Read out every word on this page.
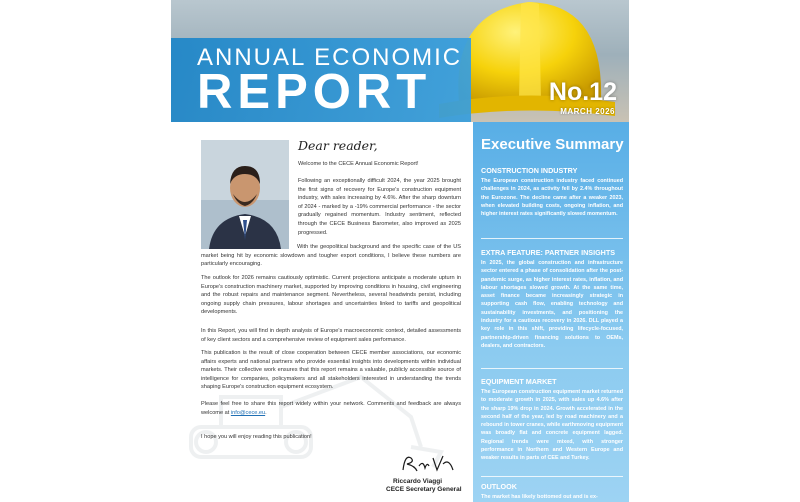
ANNUAL ECONOMIC
REPORT	No.12
MARCH 2026
Dear reader,

Welcome to the CECE Annual Economic Report!

Following an exceptionally difficult 2024, the year 2025 brought the first signs of recovery for Europe's construction equipment industry, with sales increasing by 4.6%. After the sharp downturn of 2024 - marked by a -19% commercial performance - the sector gradually regained momentum. Industry sentiment, reflected through the CECE Business Barometer, also improved as 2025 progressed.

With the geopolitical background and the specific case of the US market being hit by economic slowdown and tougher export conditions, I believe these numbers are particularly encouraging.

The outlook for 2026 remains cautiously optimistic. Current projections anticipate a moderate upturn in Europe's construction machinery market, supported by improving conditions in housing, civil engineering and the robust repairs and maintenance segment. Nevertheless, several headwinds persist, including ongoing supply chain pressures, labour shortages and uncertainties linked to tariffs and geopolitical developments.

In this Report, you will find in depth analysis of Europe's macroeconomic context, detailed assessments of key client sectors and a comprehensive review of equipment sales performance.

This publication is the result of close cooperation between CECE member associations, our economic affairs experts and national partners who provide essential insights into developments within individual markets. Their collective work ensures that this report remains a valuable, publicly accessible source of intelligence for companies, policymakers and all stakeholders interested in understanding the trends shaping Europe's construction equipment ecosystem.

Please feel free to share this report widely within your network. Comments and feedback are always welcome at info@cece.eu.

I hope you will enjoy reading this publication!

Riccardo Viaggi
CECE Secretary General
Executive Summary
CONSTRUCTION INDUSTRY

The European construction industry faced continued challenges in 2024, as activity fell by 2.4% throughout the Eurozone. The decline came after a weaker 2023, when elevated building costs, ongoing inflation, and higher interest rates significantly slowed momentum.

EXTRA FEATURE: PARTNER INSIGHTS

In 2025, the global construction and infrastructure sector entered a phase of consolidation after the post-pandemic surge, as higher interest rates, inflation, and labour shortages slowed growth. At the same time, asset finance became increasingly strategic in supporting cash flow, enabling technology and sustainability investments, and positioning the industry for a cautious recovery in 2026. DLL played a key role in this shift, providing lifecycle-focused, partnership-driven financing solutions to OEMs, dealers, and contractors.

EQUIPMENT MARKET

The European construction equipment market returned to moderate growth in 2025, with sales up 4.6% after the sharp 19% drop in 2024. Growth accelerated in the second half of the year, led by road machinery and a rebound in tower cranes, while earthmoving equipment was broadly flat and concrete equipment lagged. Regional trends were mixed, with stronger performance in Northern and Western Europe and weaker results in parts of CEE and Turkey.

OUTLOOK

The market has likely bottomed out and is ex-
